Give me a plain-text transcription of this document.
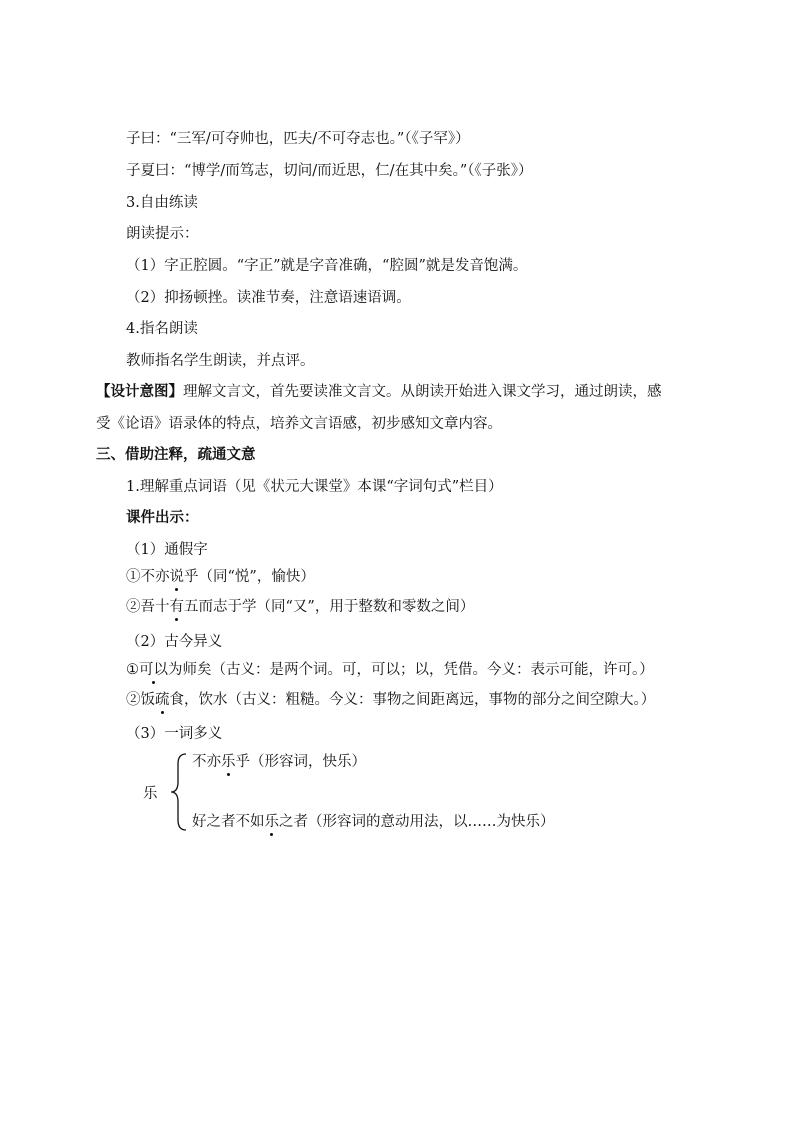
子曰：“三军/可夺帅也，匹夫/不可夺志也。”（《子罕》）
子夏曰：“博学/而笃志，切问/而近思，仁/在其中矣。”（《子张》）
3.自由练读
朗读提示：
（1）字正腔圆。“字正”就是字音准确，“腔圆”就是发音饱满。
（2）抑扬顿挫。读准节奏，注意语速语调。
4.指名朗读
教师指名学生朗读，并点评。
【设计意图】理解文言文，首先要读准文言文。从朗读开始进入课文学习，通过朗读，感
受《论语》语录体的特点，培养文言语感，初步感知文章内容。
三、借助注释，疏通文意
1.理解重点词语（见《状元大课堂》本课“字词句式”栏目）
课件出示：
（1）通假字
①不亦说乎（同“悦”，愉快）
②吾十有五而志于学（同“又”，用于整数和零数之间）
（2）古今异义
①可以为师矣（古义：是两个词。可，可以；以，凭借。今义：表示可能，许可。）
②饭疏食，饮水（古义：粗糙。今义：事物之间距离远，事物的部分之间空隙大。）
（3）一词多义
乐
不亦乐乎（形容词，快乐）
好之者不如乐之者（形容词的意动用法，以……为快乐）
